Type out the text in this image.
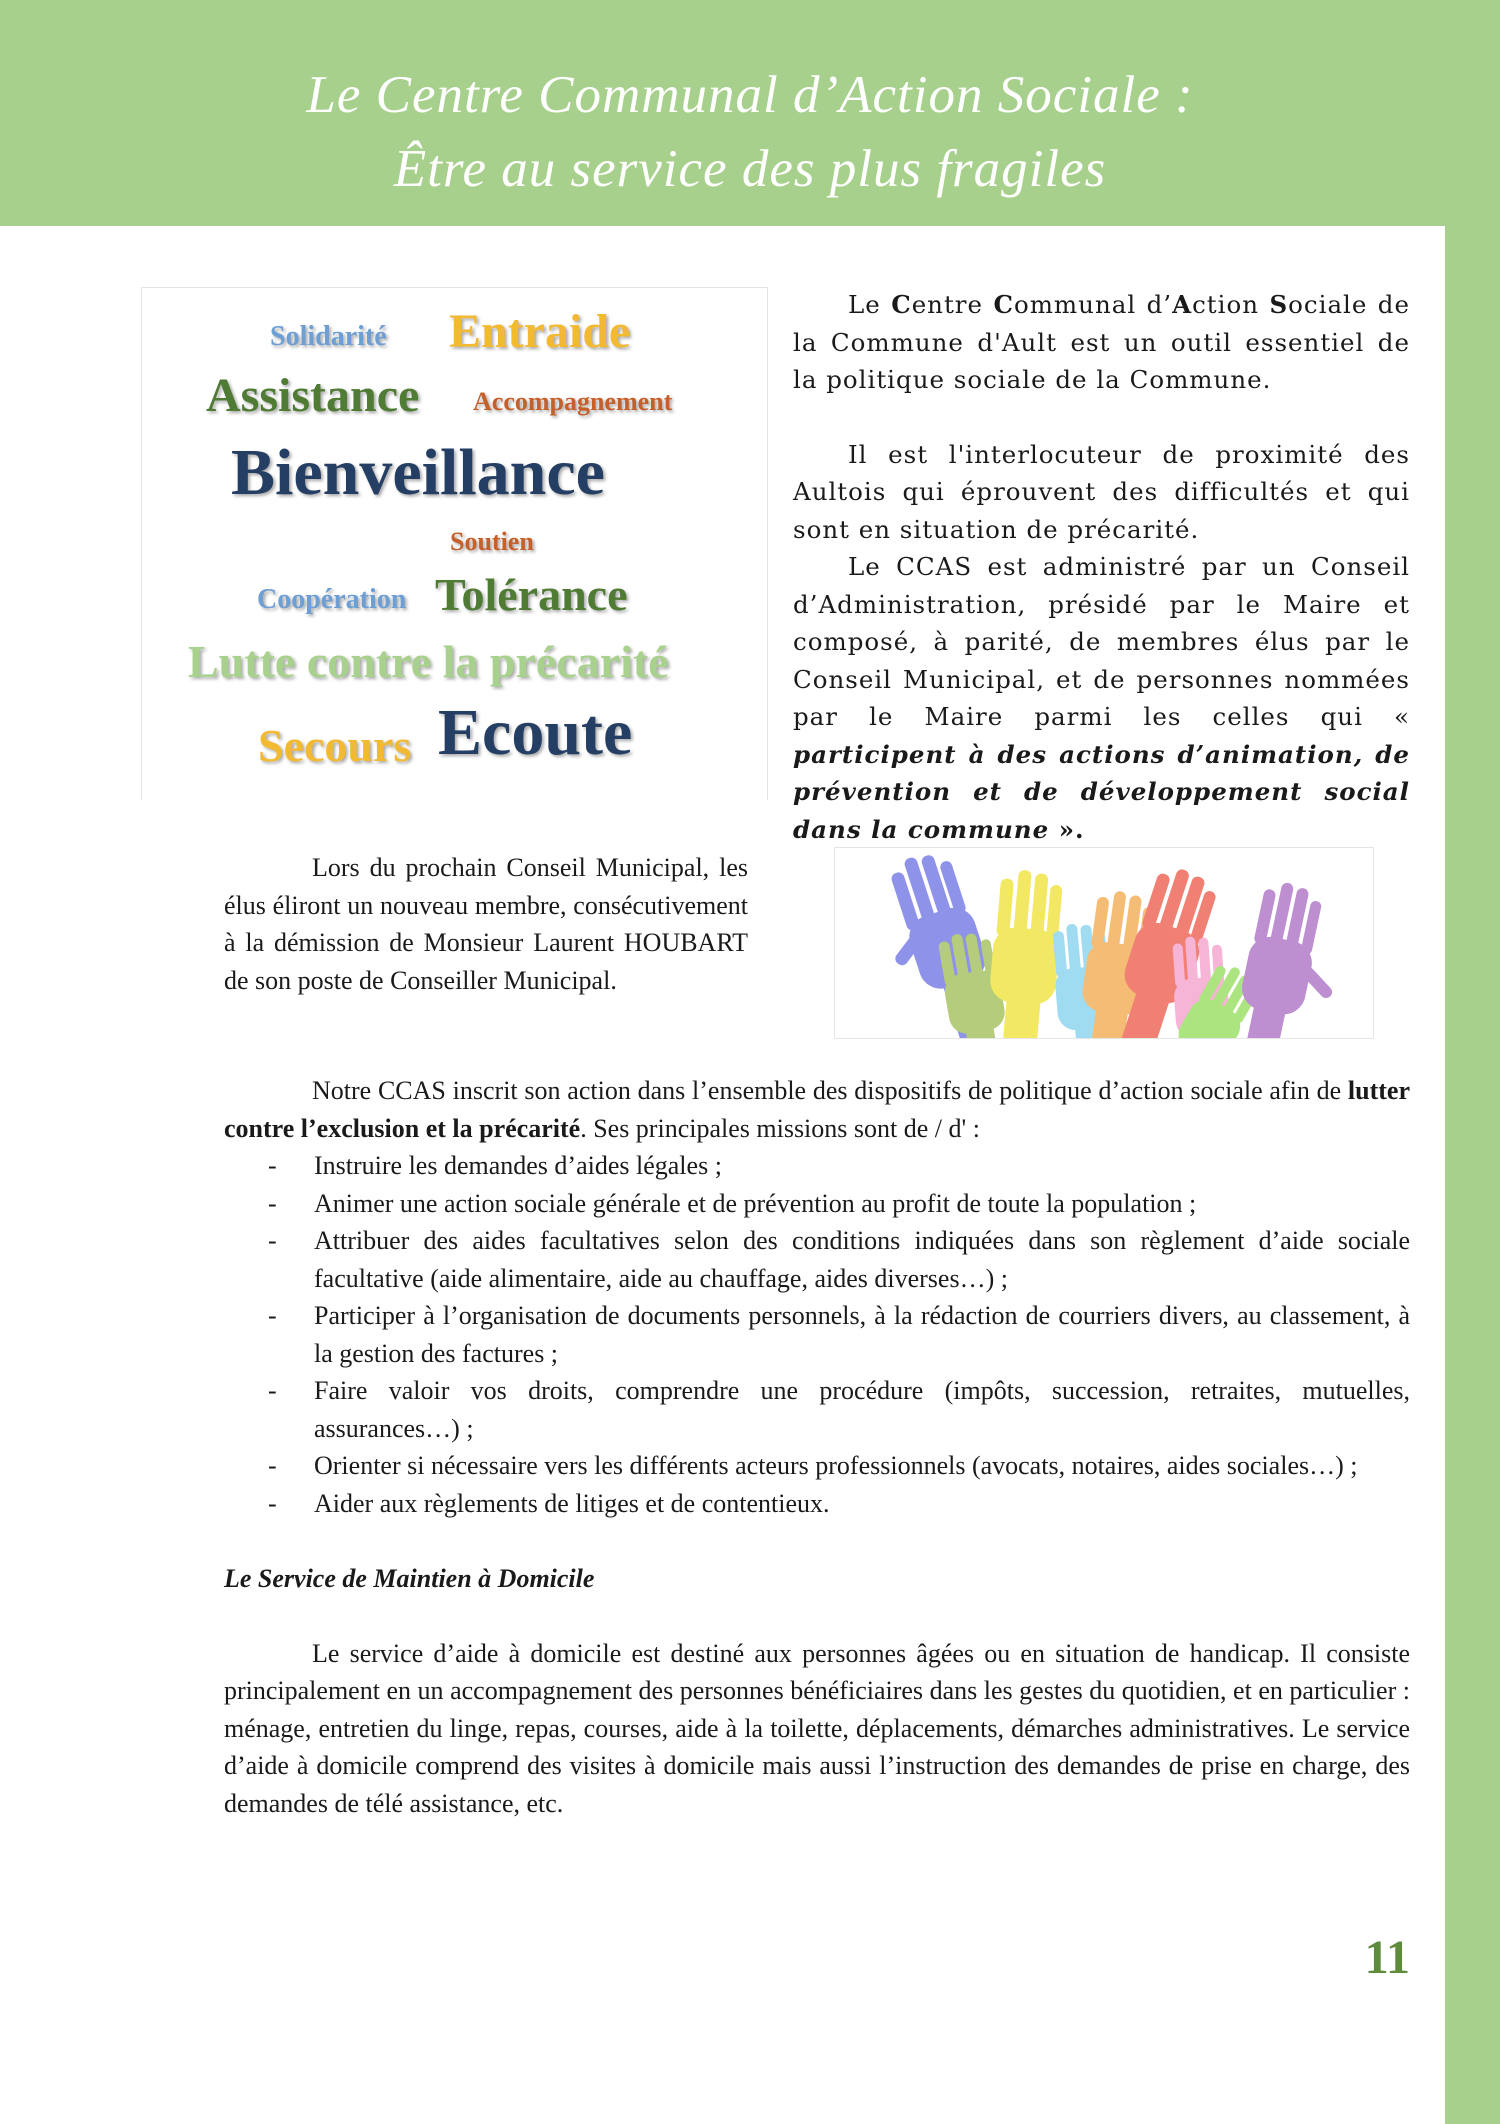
Le Centre Communal d’Action Sociale :
Être au service des plus fragiles
Solidarité Entraide
Assistance Accompagnement
Bienveillance
Soutien
Coopération Tolérance
Lutte contre la précarité
Secours Ecoute

Le Centre Communal d’Action Sociale de la Commune d'Ault est un outil essentiel de la politique sociale de la Commune.

Il est l'interlocuteur de proximité des Aultois qui éprouvent des difficultés et qui sont en situation de précarité.

Le CCAS est administré par un Conseil d’Administration, présidé par le Maire et composé, à parité, de membres élus par le Conseil Municipal, et de personnes nommées par le Maire parmi les celles qui « participent à des actions d’animation, de prévention et de développement social dans la commune ».

Lors du prochain Conseil Municipal, les élus éliront un nouveau membre, consécutivement à la démission de Monsieur Laurent HOUBART de son poste de Conseiller Municipal.

Notre CCAS inscrit son action dans l’ensemble des dispositifs de politique d’action sociale afin de lutter contre l’exclusion et la précarité. Ses principales missions sont de / d' :

- Instruire les demandes d’aides légales ;
- Animer une action sociale générale et de prévention au profit de toute la population ;
- Attribuer des aides facultatives selon des conditions indiquées dans son règlement d’aide sociale facultative (aide alimentaire, aide au chauffage, aides diverses…) ;
- Participer à l’organisation de documents personnels, à la rédaction de courriers divers, au classement, à la gestion des factures ;
- Faire valoir vos droits, comprendre une procédure (impôts, succession, retraites, mutuelles, assurances…) ;
- Orienter si nécessaire vers les différents acteurs professionnels (avocats, notaires, aides sociales…) ;
- Aider aux règlements de litiges et de contentieux.

Le Service de Maintien à Domicile

Le service d’aide à domicile est destiné aux personnes âgées ou en situation de handicap. Il consiste principalement en un accompagnement des personnes bénéficiaires dans les gestes du quotidien, et en particulier : ménage, entretien du linge, repas, courses, aide à la toilette, déplacements, démarches administratives. Le service d’aide à domicile comprend des visites à domicile mais aussi l’instruction des demandes de prise en charge, des demandes de télé assistance, etc.

11
